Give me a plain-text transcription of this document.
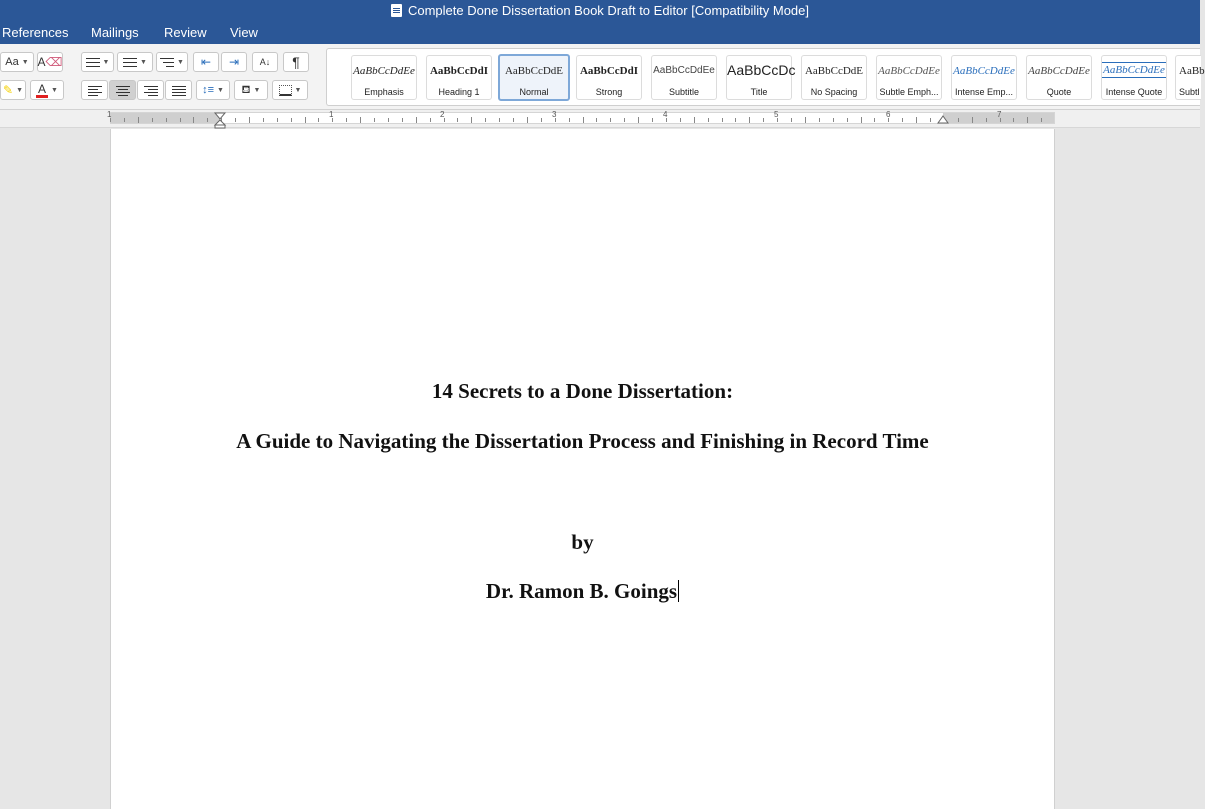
Complete Done Dissertation Book Draft to Editor [Compatibility Mode]
References Mailings Review View
Aa ▼ A⌫	▼	▼	▼ ⇤ ⇥ A↓ ¶
✎ ▼ A ▼	↕≡ ▼ ⛾ ▼	▼
AaBbCcDdEe
Emphasis
AaBbCcDdI
Heading 1
AaBbCcDdE
Normal
AaBbCcDdI
Strong
AaBbCcDdEe
Subtitle
AaBbCcDc
Title
AaBbCcDdE
No Spacing
AaBbCcDdEe
Subtle Emph...
AaBbCcDdEe
Intense Emp...
AaBbCcDdEe
Quote
AaBbCcDdEe
Intense Quote
AaBb
Subtl
1	1	2	3	4	5	6	7
14 Secrets to a Done Dissertation:
A Guide to Navigating the Dissertation Process and Finishing in Record Time
by
Dr. Ramon B. Goings
